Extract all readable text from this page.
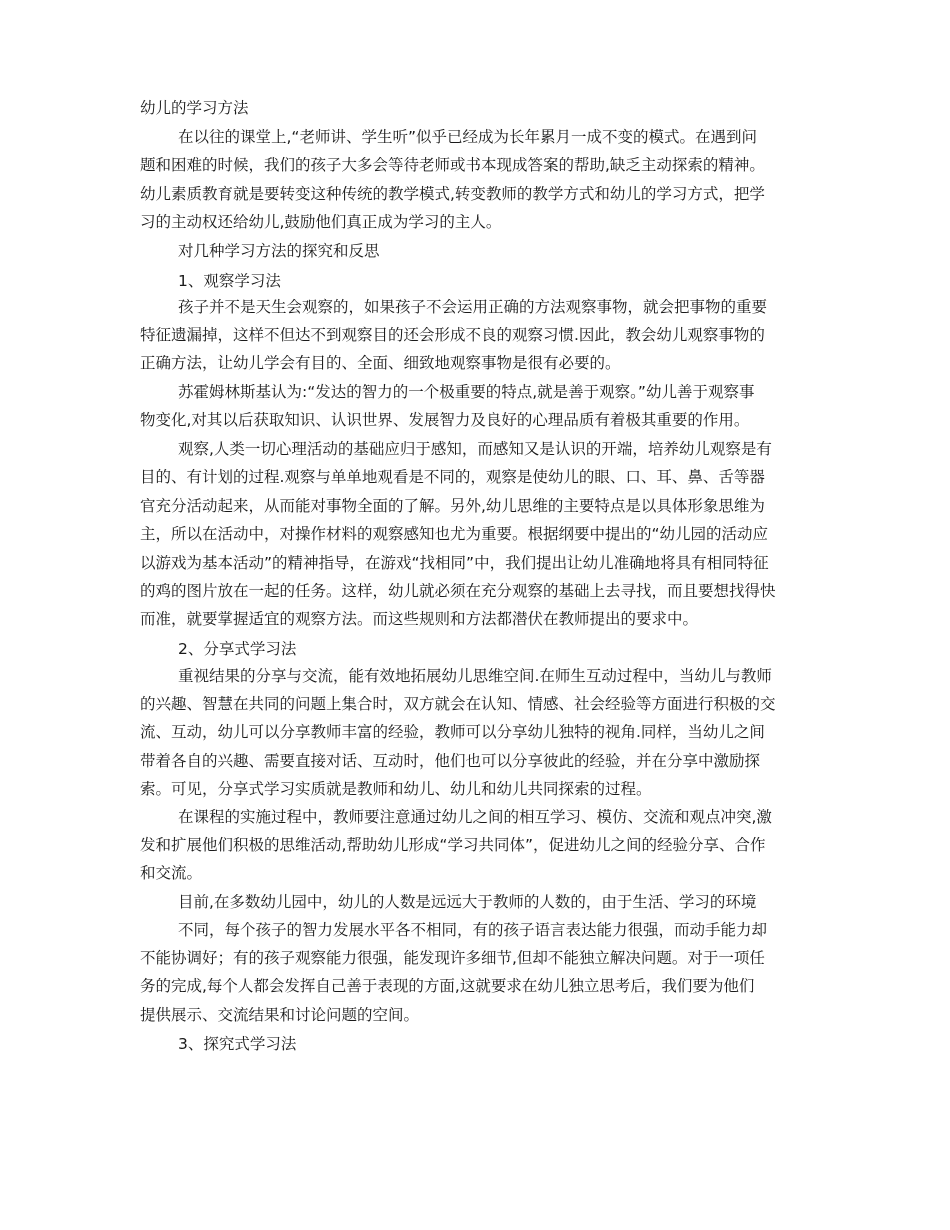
幼儿的学习方法
在以往的课堂上,“老师讲、学生听”似乎已经成为长年累月一成不变的模式。在遇到问
题和困难的时候，我们的孩子大多会等待老师或书本现成答案的帮助,缺乏主动探索的精神。
幼儿素质教育就是要转变这种传统的教学模式,转变教师的教学方式和幼儿的学习方式，把学
习的主动权还给幼儿,鼓励他们真正成为学习的主人。
对几种学习方法的探究和反思
1、观察学习法
孩子并不是天生会观察的，如果孩子不会运用正确的方法观察事物，就会把事物的重要
特征遗漏掉，这样不但达不到观察目的还会形成不良的观察习惯.因此，教会幼儿观察事物的
正确方法，让幼儿学会有目的、全面、细致地观察事物是很有必要的。
苏霍姆林斯基认为:“发达的智力的一个极重要的特点,就是善于观察。”幼儿善于观察事
物变化,对其以后获取知识、认识世界、发展智力及良好的心理品质有着极其重要的作用。
观察,人类一切心理活动的基础应归于感知，而感知又是认识的开端，培养幼儿观察是有
目的、有计划的过程.观察与单单地观看是不同的，观察是使幼儿的眼、口、耳、鼻、舌等器
官充分活动起来，从而能对事物全面的了解。另外,幼儿思维的主要特点是以具体形象思维为
主，所以在活动中，对操作材料的观察感知也尤为重要。根据纲要中提出的“幼儿园的活动应
以游戏为基本活动”的精神指导，在游戏“找相同”中，我们提出让幼儿准确地将具有相同特征
的鸡的图片放在一起的任务。这样，幼儿就必须在充分观察的基础上去寻找，而且要想找得快
而准，就要掌握适宜的观察方法。而这些规则和方法都潜伏在教师提出的要求中。
2、分享式学习法
重视结果的分享与交流，能有效地拓展幼儿思维空间.在师生互动过程中，当幼儿与教师
的兴趣、智慧在共同的问题上集合时，双方就会在认知、情感、社会经验等方面进行积极的交
流、互动，幼儿可以分享教师丰富的经验，教师可以分享幼儿独特的视角.同样，当幼儿之间
带着各自的兴趣、需要直接对话、互动时，他们也可以分享彼此的经验，并在分享中激励探
索。可见，分享式学习实质就是教师和幼儿、幼儿和幼儿共同探索的过程。
在课程的实施过程中，教师要注意通过幼儿之间的相互学习、模仿、交流和观点冲突,激
发和扩展他们积极的思维活动,帮助幼儿形成“学习共同体”，促进幼儿之间的经验分享、合作
和交流。
目前,在多数幼儿园中，幼儿的人数是远远大于教师的人数的，由于生活、学习的环境
不同，每个孩子的智力发展水平各不相同，有的孩子语言表达能力很强，而动手能力却
不能协调好；有的孩子观察能力很强，能发现许多细节,但却不能独立解决问题。对于一项任
务的完成,每个人都会发挥自己善于表现的方面,这就要求在幼儿独立思考后，我们要为他们
提供展示、交流结果和讨论问题的空间。
3、探究式学习法
